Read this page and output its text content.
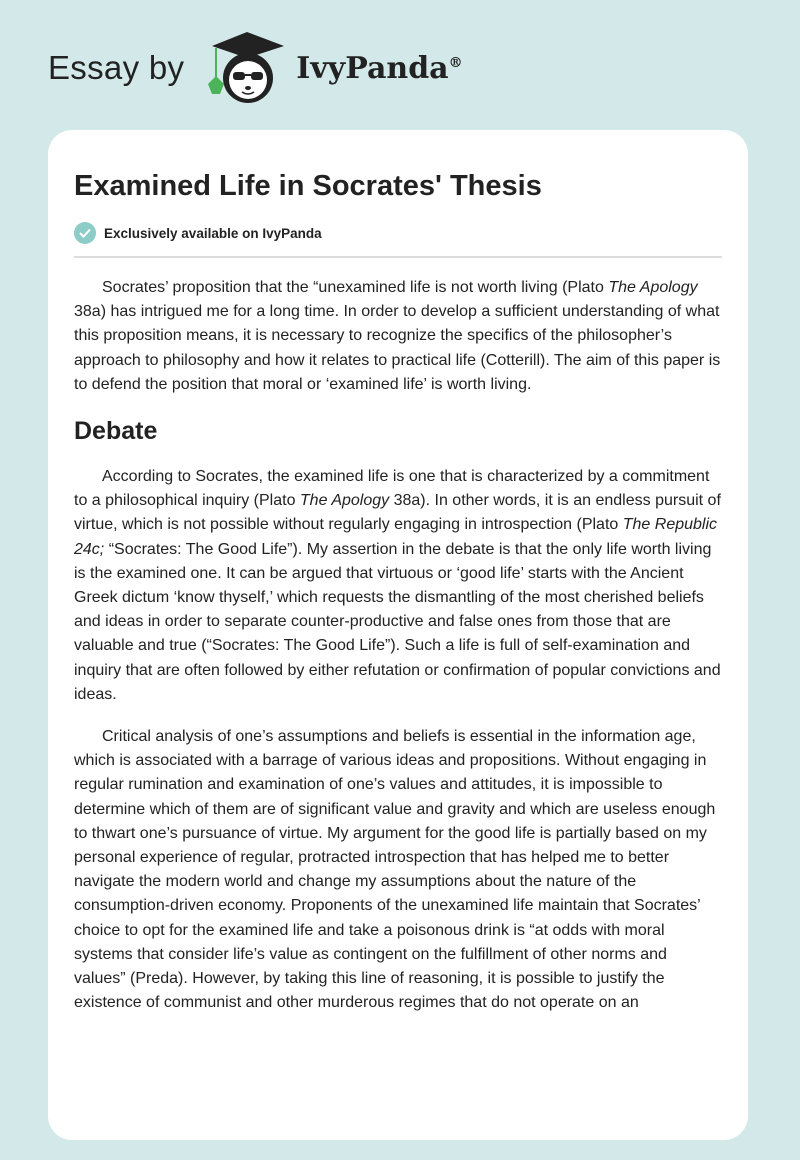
Essay by	IvyPanda®
Examined Life in Socrates' Thesis
Exclusively available on IvyPanda

Socrates’ proposition that the “unexamined life is not worth living (Plato The Apology 38a) has intrigued me for a long time. In order to develop a sufficient understanding of what this proposition means, it is necessary to recognize the specifics of the philosopher’s approach to philosophy and how it relates to practical life (Cotterill). The aim of this paper is to defend the position that moral or ‘examined life’ is worth living.

Debate

According to Socrates, the examined life is one that is characterized by a commitment to a philosophical inquiry (Plato The Apology 38a). In other words, it is an endless pursuit of virtue, which is not possible without regularly engaging in introspection (Plato The Republic 24c; “Socrates: The Good Life”). My assertion in the debate is that the only life worth living is the examined one. It can be argued that virtuous or ‘good life’ starts with the Ancient Greek dictum ‘know thyself,’ which requests the dismantling of the most cherished beliefs and ideas in order to separate counter-productive and false ones from those that are valuable and true (“Socrates: The Good Life”). Such a life is full of self-examination and inquiry that are often followed by either refutation or confirmation of popular convictions and ideas.

Critical analysis of one’s assumptions and beliefs is essential in the information age, which is associated with a barrage of various ideas and propositions. Without engaging in regular rumination and examination of one’s values and attitudes, it is impossible to determine which of them are of significant value and gravity and which are useless enough to thwart one’s pursuance of virtue. My argument for the good life is partially based on my personal experience of regular, protracted introspection that has helped me to better navigate the modern world and change my assumptions about the nature of the consumption-driven economy. Proponents of the unexamined life maintain that Socrates’ choice to opt for the examined life and take a poisonous drink is “at odds with moral systems that consider life’s value as contingent on the fulfillment of other norms and values” (Preda). However, by taking this line of reasoning, it is possible to justify the existence of communist and other murderous regimes that do not operate on an
